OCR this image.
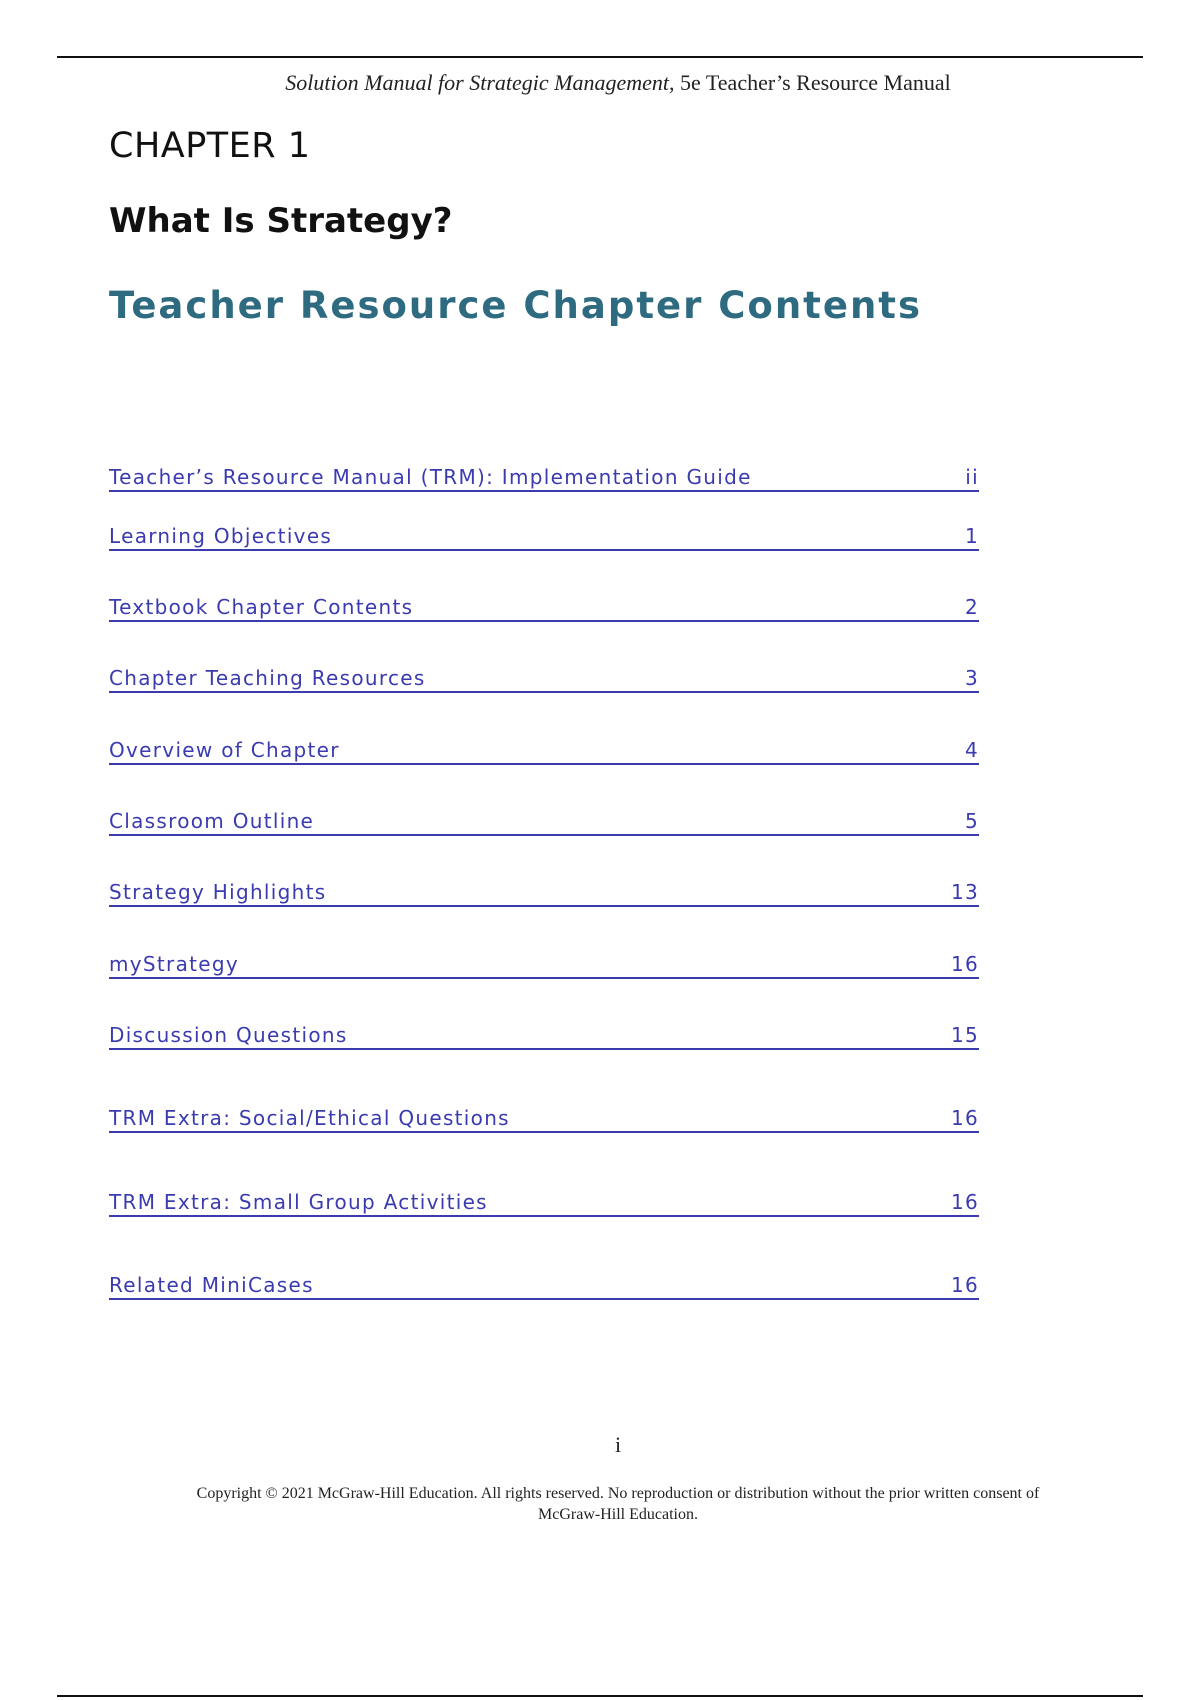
Solution Manual for Strategic Management, 5e Teacher’s Resource Manual
CHAPTER 1
What Is Strategy?
Teacher Resource Chapter Contents
Teacher’s Resource Manual (TRM): Implementation Guide	ii
Learning Objectives	1
Textbook Chapter Contents	2
Chapter Teaching Resources	3
Overview of Chapter	4
Classroom Outline	5
Strategy Highlights	13
myStrategy	16
Discussion Questions	15
TRM Extra: Social/Ethical Questions	16
TRM Extra: Small Group Activities	16
Related MiniCases	16
i
Copyright © 2021 McGraw-Hill Education. All rights reserved. No reproduction or distribution without the prior written consent of
McGraw-Hill Education.
